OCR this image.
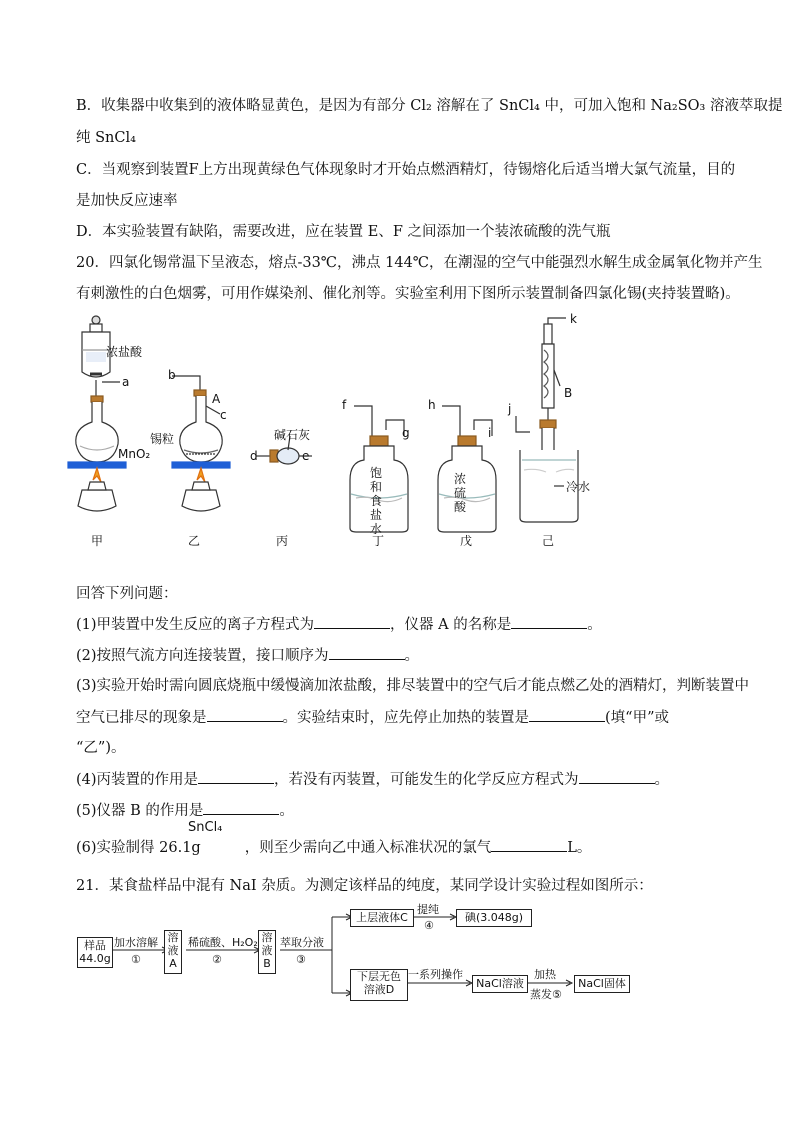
B．收集器中收集到的液体略显黄色，是因为有部分 Cl₂ 溶解在了 SnCl₄ 中，可加入饱和 Na₂SO₃ 溶液萃取提
纯 SnCl₄
C．当观察到装置F上方出现黄绿色气体现象时才开始点燃酒精灯，待锡熔化后适当增大氯气流量，目的
是加快反应速率
D．本实验装置有缺陷，需要改进，应在装置 E、F 之间添加一个装浓硫酸的洗气瓶
20．四氯化锡常温下呈液态，熔点-33℃，沸点 144℃，在潮湿的空气中能强烈水解生成金属氧化物并产生
有刺激性的白色烟雾，可用作媒染剂、催化剂等。实验室利用下图所示装置制备四氯化锡(夹持装置略)。
浓盐酸
a
MnO₂
b
A
c
锡粒	碱石灰
d	e
f
g
饱和食盐水
h
i
浓硫酸
k
B
j
冷水
甲	乙	丙	丁	戊	己
回答下列问题：
(1)甲装置中发生反应的离子方程式为	，仪器 A 的名称是	。
(2)按照气流方向连接装置，接口顺序为	。
(3)实验开始时需向圆底烧瓶中缓慢滴加浓盐酸，排尽装置中的空气后才能点燃乙处的酒精灯，判断装置中
空气已排尽的现象是	。实验结束时，应先停止加热的装置是	(填“甲”或
“乙”)。
(4)丙装置的作用是	，若没有丙装置，可能发生的化学反应方程式为	。
(5)仪器 B 的作用是	。
SnCl₄
(6)实验制得 26.1g	，则至少需向乙中通入标准状况的氯气	L。
21．某食盐样品中混有 NaI 杂质。为测定该样品的纯度，某同学设计实验过程如图所示：
样品
44.0g
加水溶解
①
溶
液
A
稀硫酸、H₂O₂
②
溶
液
B
萃取分液
③
上层液体C
提纯
④
碘(3.048g)
下层无色
溶液D
一系列操作
NaCl溶液
加热
蒸发⑤
NaCl固体
